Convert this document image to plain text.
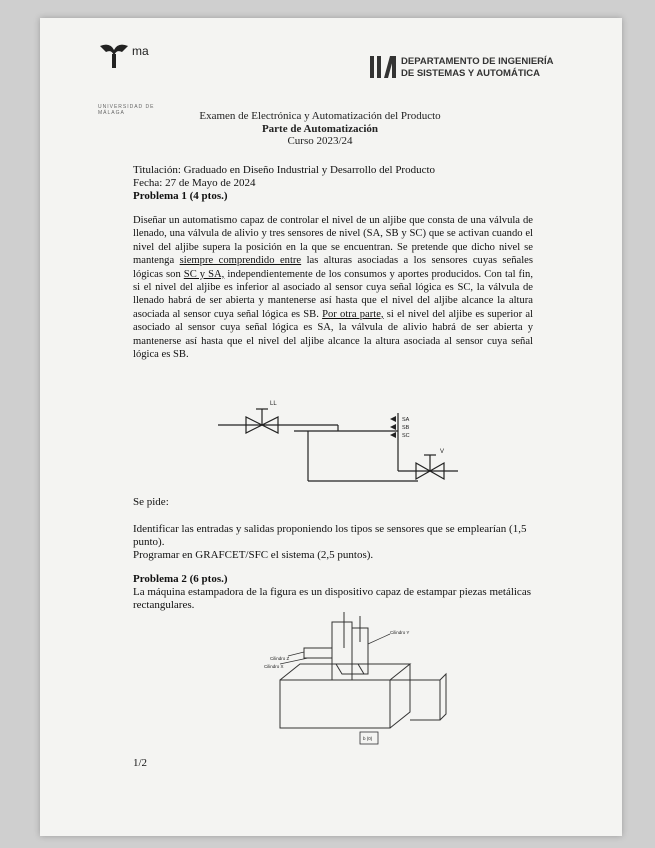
ma
UNIVERSIDAD DE MÁLAGA
DEPARTAMENTO DE INGENIERÍA
DE SISTEMAS Y AUTOMÁTICA
Examen de Electrónica y Automatización del Producto
Parte de Automatización
Curso 2023/24
Titulación: Graduado en Diseño Industrial y Desarrollo del Producto
Fecha: 27 de Mayo de 2024
Problema 1 (4 ptos.)
Diseñar un automatismo capaz de controlar el nivel de un aljibe que consta de una válvula de llenado, una válvula de alivio y tres sensores de nivel (SA, SB y SC) que se activan cuando el nivel del aljibe supera la posición en la que se encuentran. Se pretende que dicho nivel se mantenga siempre comprendido entre las alturas asociadas a los sensores cuyas señales lógicas son SC y SA, independientemente de los consumos y aportes producidos. Con tal fin, si el nivel del aljibe es inferior al asociado al sensor cuya señal lógica es SC, la válvula de llenado habrá de ser abierta y mantenerse así hasta que el nivel del aljibe alcance la altura asociada al sensor cuya señal lógica es SB. Por otra parte, si el nivel del aljibe es superior al asociado al sensor cuya señal lógica es SA, la válvula de alivio habrá de ser abierta y mantenerse así hasta que el nivel del aljibe alcance la altura asociada al sensor cuya señal lógica es SB.
LL
SA
SB
SC
V
Se pide:
Identificar las entradas y salidas proponiendo los tipos se sensores que se emplearían (1,5 punto).
Programar en GRAFCET/SFC el sistema (2,5 puntos).
Problema 2 (6 ptos.)
La máquina estampadora de la figura es un dispositivo capaz de estampar piezas metálicas rectangulares.
Cilindro Y
Cilindro Z
Cilindro X
b (0)
1/2
